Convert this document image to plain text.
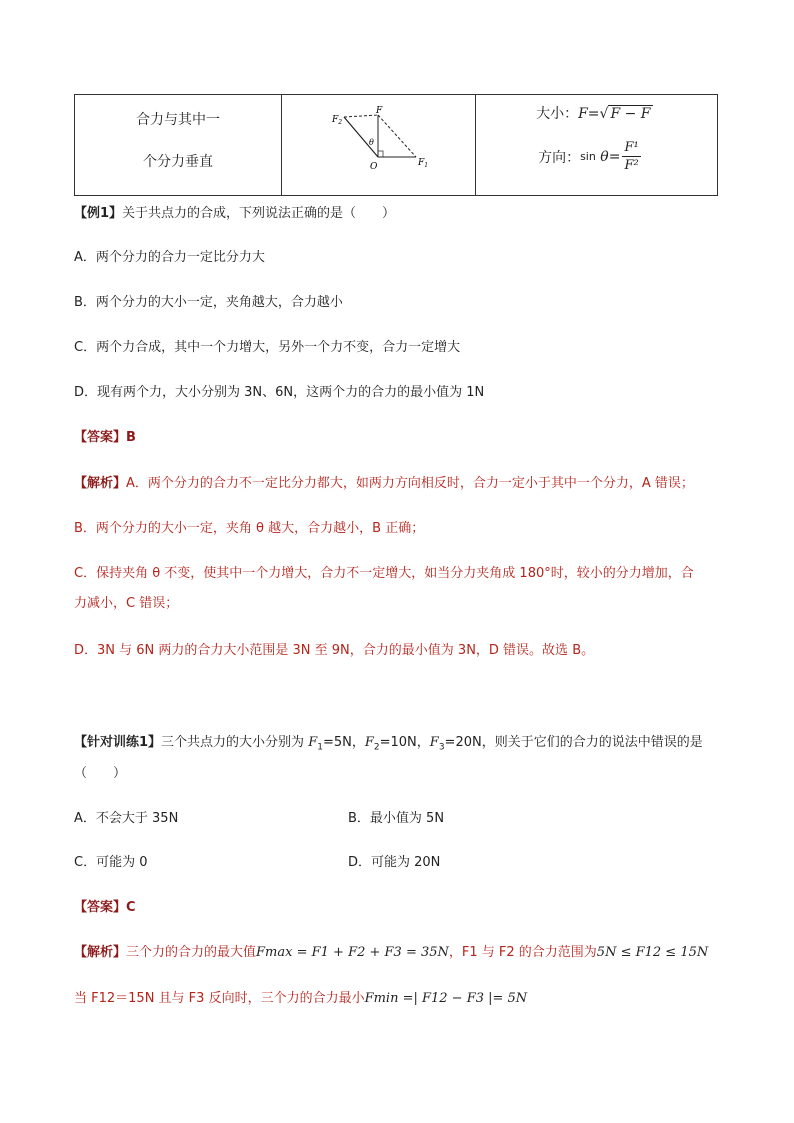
合力与其中一
个分力垂直
F
$F_2$
$F_1$
O
θ
大小：F=√ F − F
方向： sin
$\theta = \frac{\text{F¹}}{\text{F²}}$
【例1】关于共点力的合成，下列说法正确的是（　　）
A．两个分力的合力一定比分力大
B．两个分力的大小一定，夹角越大，合力越小
C．两个力合成，其中一个力增大，另外一个力不变，合力一定增大
D．现有两个力，大小分别为 3N、6N，这两个力的合力的最小值为 1N
【答案】B
【解析】A．两个分力的合力不一定比分力都大，如两力方向相反时，合力一定小于其中一个分力，A 错误；
B．两个分力的大小一定，夹角 θ 越大，合力越小，B 正确；
C．保持夹角 θ 不变，使其中一个力增大，合力不一定增大，如当分力夹角成 180°时，较小的分力增加，合
力减小，C 错误；
D．3N 与 6N 两力的合力大小范围是 3N 至 9N，合力的最小值为 3N，D 错误。故选 B。
【针对训练1】三个共点力的大小分别为 $F_1=5N$，$F_2=10N$，$F_3=20N$，则关于它们的合力的说法中错误的是
（　　）
A．不会大于 35N	B．最小值为 5N
C．可能为 0	D．可能为 20N
【答案】C
【解析】三个力的合力的最大值Fmax = F1 + F2 + F3 = 35N，F1 与 F2 的合力范围为5N ≤ F12 ≤ 15N
当 F12＝15N 且与 F3 反向时，三个力的合力最小Fmin =| F12 − F3 |= 5N
